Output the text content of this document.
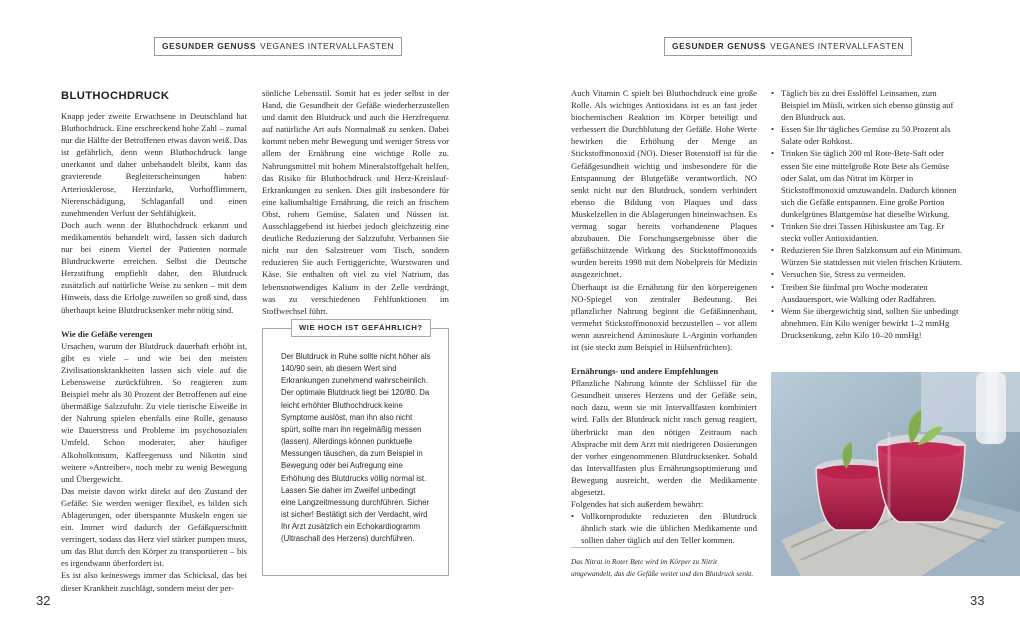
GESUNDER GENUSS VEGANES INTERVALLFASTEN
BLUTHOCHDRUCK

Knapp jeder zweite Erwachsene in Deutschland hat Bluthochdruck. Eine erschreckend hohe Zahl – zumal nur die Hälfte der Betroffenen etwas davon weiß. Das ist gefährlich, denn wenn Bluthochdruck lange unerkannt und daher unbehandelt bleibt, kann das gravierende Begleiterscheinungen haben: Arteriosklerose, Herzinfarkt, Vorhofflimmern, Nierenschädigung, Schlaganfall und einen zunehmenden Verlust der Sehfähigkeit.

Doch auch wenn der Bluthochdruck erkannt und medikamentös behandelt wird, lassen sich dadurch nur bei einem Viertel der Patienten normale Blutdruckwerte erreichen. Selbst die Deutsche Herzstiftung empfiehlt daher, den Blutdruck zusätzlich auf natürliche Weise zu senken – mit dem Hinweis, dass die Erfolge zuweilen so groß sind, dass überhaupt keine Blutdrucksenker mehr nötig sind.

Wie die Gefäße verengen

Ursachen, warum der Blutdruck dauerhaft erhöht ist, gibt es viele – und wie bei den meisten Zivilisationskrankheiten lassen sich viele auf die Lebensweise zurückführen. So reagieren zum Beispiel mehr als 30 Prozent der Betroffenen auf eine übermäßige Salzzufuhr. Zu viele tierische Eiweiße in der Nahrung spielen ebenfalls eine Rolle, genauso wie Dauerstress und Probleme im psychosozialen Umfeld. Schon moderater, aber häufiger Alkoholkonsum, Kaffeegenuss und Nikotin sind weitere »Antreiber«, noch mehr zu wenig Bewegung und Übergewicht.

Das meiste davon wirkt direkt auf den Zustand der Gefäße: Sie werden weniger flexibel, es bilden sich Ablagerungen, oder überspannte Muskeln engen sie ein. Immer wird dadurch der Gefäßquerschnitt verringert, sodass das Herz viel stärker pumpen muss, um das Blut durch den Körper zu transportieren – bis es irgendwann überfordert ist.

Es ist also keineswegs immer das Schicksal, das bei dieser Krankheit zuschlägt, sondern meist der per-

sönliche Lebensstil. Somit hat es jeder selbst in der Hand, die Gesundheit der Gefäße wiederherzustellen und damit den Blutdruck und auch die Herzfrequenz auf natürliche Art aufs Normalmaß zu senken. Dabei kommt neben mehr Bewegung und weniger Stress vor allem der Ernährung eine wichtige Rolle zu. Nahrungsmittel mit hohem Mineralstoffgehalt helfen, das Risiko für Bluthochdruck und Herz-Kreislauf-Erkrankungen zu senken. Dies gilt insbesondere für eine kaliumhaltige Ernährung, die reich an frischem Obst, rohem Gemüse, Salaten und Nüssen ist. Ausschlaggebend ist hierbei jedoch gleichzeitig eine deutliche Reduzierung der Salzzufuhr. Verbannen Sie nicht nur den Salzstreuer vom Tisch, sondern reduzieren Sie auch Fertiggerichte, Wurstwaren und Käse. Sie enthalten oft viel zu viel Natrium, das lebensnotwendiges Kalium in der Zelle verdrängt, was zu verschiedenen Fehlfunktionen im Stoffwechsel führt.

WIE HOCH IST GEFÄHRLICH?
Der Blutdruck in Ruhe sollte nicht höher als 140/90 sein, ab diesem Wert sind Erkrankungen zunehmend wahrscheinlich. Der optimale Blutdruck liegt bei 120/80. Da leicht erhöhter Bluthochdruck keine Symptome auslöst, man ihn also nicht spürt, sollte man ihn regelmäßig messen (lassen). Allerdings können punktuelle Messungen täuschen, da zum Beispiel in Bewegung oder bei Aufregung eine Erhöhung des Blutdrucks völlig normal ist. Lassen Sie daher im Zweifel unbedingt eine Langzeitmessung durchführen. Sicher ist sicher! Bestätigt sich der Verdacht, wird Ihr Arzt zusätzlich ein Echokardiogramm (Ultraschall des Herzens) durchführen.
32
GESUNDER GENUSS VEGANES INTERVALLFASTEN

Auch Vitamin C spielt bei Bluthochdruck eine große Rolle. Als wichtiges Antioxidans ist es an fast jeder biochemischen Reaktion im Körper beteiligt und verbessert die Durchblutung der Gefäße. Hohe Werte bewirken die Erhöhung der Menge an Stickstoffmonoxid (NO). Dieser Botenstoff ist für die Gefäßgesundheit wichtig und insbesondere für die Entspannung der Blutgefäße verantwortlich. NO senkt nicht nur den Blutdruck, sondern verhindert ebenso die Bildung von Plaques und dass Muskelzellen in die Ablagerungen hineinwachsen. Es vermag sogar bereits vorhandenene Plaques abzubauen. Die Forschungsergebnisse über die gefäßschützende Wirkung des Stickstoffmonoxids wurden bereits 1998 mit dem Nobelpreis für Medizin ausgezeichnet.

Überhaupt ist die Ernährung für den körpereigenen NO-Spiegel von zentraler Bedeutung. Bei pflanzlicher Nahrung beginnt die Gefäßinnenhaut, vermehrt Stickstoffmonoxid herzustellen – vor allem wenn ausreichend Aminosäure L-Arginin vorhanden ist (sie steckt zum Beispiel in Hülsenfrüchten).

Ernährungs- und andere Empfehlungen

Pflanzliche Nahrung könnte der Schlüssel für die Gesundheit unseres Herzens und der Gefäße sein, noch dazu, wenn sie mit Intervallfasten kombiniert wird. Falls der Blutdruck nicht rasch genug reagiert, überbrückt man den nötigen Zeitraum nach Absprache mit dem Arzt mit niedrigeren Dosierungen der vorher eingenommenen Blutdrucksenker. Sobald das Intervallfasten plus Ernährungsoptimierung und Bewegung ausreicht, werden die Medikamente abgesetzt.

Folgendes hat sich außerdem bewährt:

• Vollkornprodukte reduzieren den Blutdruck ähnlich stark wie die üblichen Medikamente und sollten daher täglich auf den Teller kommen.
Das Nitrat in Roter Bete wird im Körper zu Nitrit umgewandelt, das die Gefäße weitet und den Blutdruck senkt.
• Täglich bis zu drei Esslöffel Leinsamen, zum Beispiel im Müsli, wirken sich ebenso günstig auf den Blutdruck aus.
• Essen Sie Ihr tägliches Gemüse zu 50 Prozent als Salate oder Rohkost.
• Trinken Sie täglich 200 ml Rote-Bete-Saft oder essen Sie eine mittelgroße Rote Bete als Gemüse oder Salat, um das Nitrat im Körper in Stickstoffmonoxid umzuwandeln. Dadurch können sich die Gefäße entspannen. Eine große Portion dunkelgrünes Blattgemüse hat dieselbe Wirkung.
• Trinken Sie drei Tassen Hibiskustee am Tag. Er steckt voller Antioxidantien.
• Reduzieren Sie Ihren Salzkonsum auf ein Minimum. Würzen Sie stattdessen mit vielen frischen Kräutern.
• Versuchen Sie, Stress zu vermeiden.
• Treiben Sie fünfmal pro Woche moderaten Ausdauersport, wie Walking oder Radfahren.
• Wenn Sie übergewichtig sind, sollten Sie unbedingt abnehmen. Ein Kilo weniger bewirkt 1–2 mmHg Drucksenkung, zehn Kilo 10–20 mmHg!
33
